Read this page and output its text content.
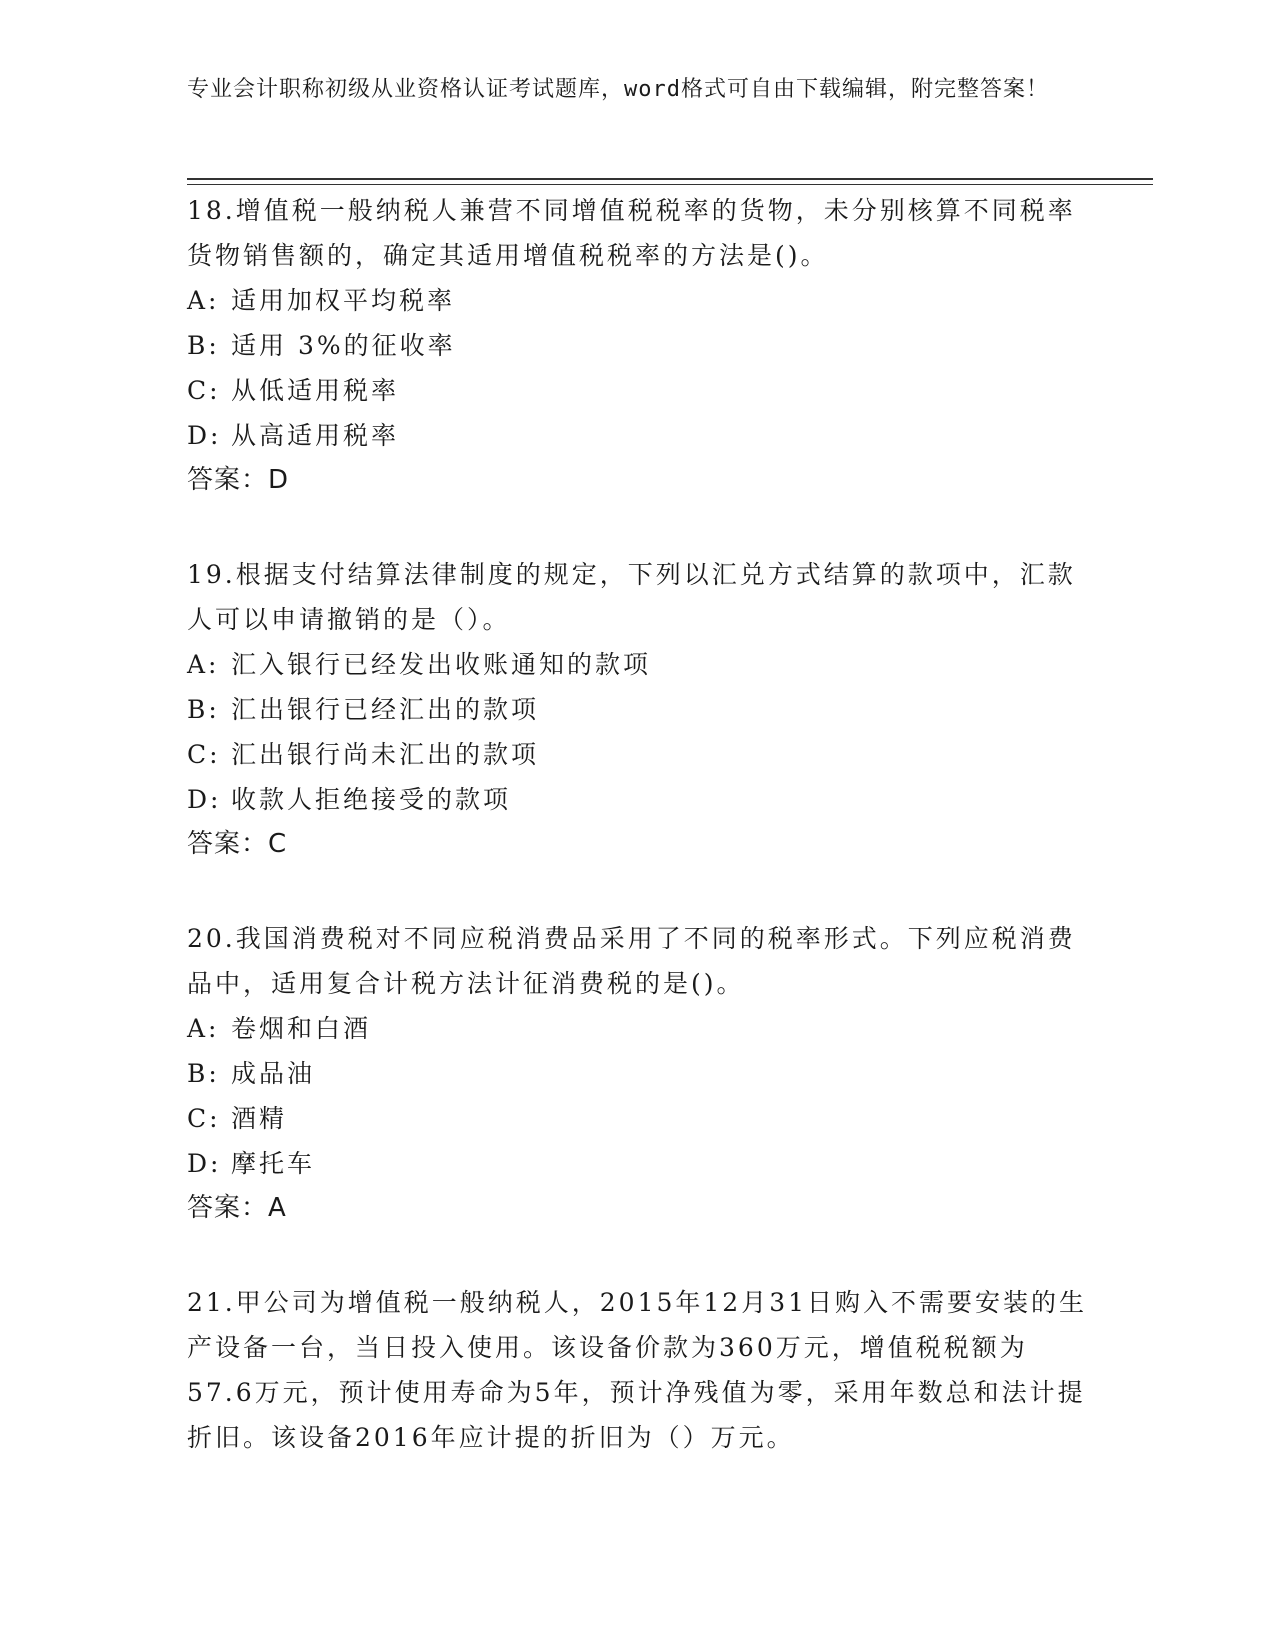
专业会计职称初级从业资格认证考试题库，word格式可自由下载编辑，附完整答案！

18.增值税一般纳税人兼营不同增值税税率的货物，未分别核算不同税率货物销售额的，确定其适用增值税税率的方法是()。

A: 适用加权平均税率

B: 适用 3%的征收率

C: 从低适用税率

D: 从高适用税率

答案：D

19.根据支付结算法律制度的规定，下列以汇兑方式结算的款项中，汇款人可以申请撤销的是（）。

A: 汇入银行已经发出收账通知的款项

B: 汇出银行已经汇出的款项

C: 汇出银行尚未汇出的款项

D: 收款人拒绝接受的款项

答案：C

20.我国消费税对不同应税消费品采用了不同的税率形式。下列应税消费品中，适用复合计税方法计征消费税的是()。

A: 卷烟和白酒

B: 成品油

C: 酒精

D: 摩托车

答案：A

21.甲公司为增值税一般纳税人，2015年12月31日购入不需要安装的生产设备一台，当日投入使用。该设备价款为360万元，增值税税额为57.6万元，预计使用寿命为5年，预计净残值为零，采用年数总和法计提折旧。该设备2016年应计提的折旧为（）万元。
